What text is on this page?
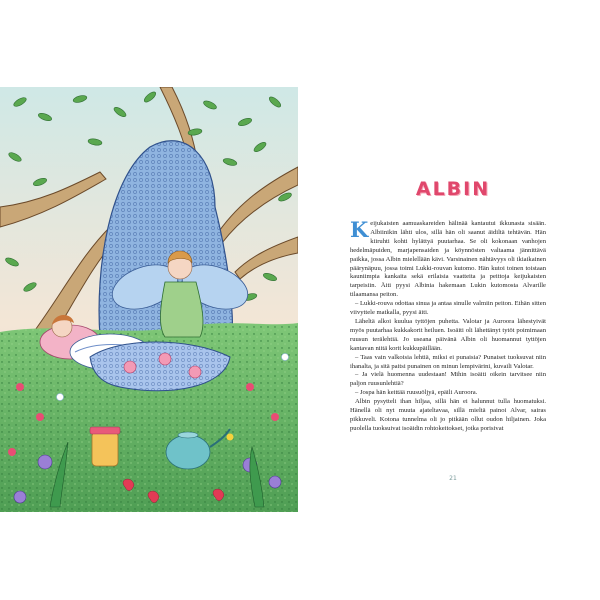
ALBIN

Keijukaisten aamuaskareiden hälinää kantautui ikkunasta sisään. Albiinikin lähti ulos, sillä hän oli saanut äidiltä tehtävän. Hän kiiruhti kohti hylättyä puutarhaa. Se oli kokonaan vanhojen hedelmäpuiden, marjapensaiden ja köynnösten valtaama jännittävä paikka, jossa Albin mielellään kävi. Varsinainen nähtävyys oli ikiaikainen päärynäpuu, jossa toimi Lukki-rouvan kutomo. Hän kutoi toinen toistaan kauniimpia kankaita sekä erilaisia vaatteita ja peittoja keijukaisten tarpeisiin. Äiti pyysi Albinia hakemaan Lukin kutomosta Alvarille tilaamansa peiton.

– Lukki-rouva odottaa sinua ja antaa sinulle valmiin peiton. Ethän sitten viivyttele matkalla, pyysi äiti.

Läheltä alkoi kuulua tyttöjen puhetta. Valotar ja Auroora lähestyivät myös puutarhaa kukkakorit heiluen. Isoäiti oli lähettänyt tytöt poimimaan ruusun terälehtiä. Jo useana päivänä Albin oli huomannut tyttöjen kantavan niitä korit kukkupäillään.

– Taas vain valkoisia lehtiä, miksi ei punaisia? Punaiset tuoksuvat niin ihanalta, ja sitä paitsi punainen on minun lempivärini, kuvaili Valotar.

– Ja vielä huomenna uudestaan! Mihin isoäiti oikein tarvitsee niin paljon ruusunlehtiä?

– Jospa hän keittää ruusuöljyä, epäili Auroora.

Albin pysytteli ihan hiljaa, sillä hän ei halunnut tulla huomatuksi. Hänellä oli nyt muuta ajateltavaa, sillä mieltä painoi Alvar, sairas pikkuveli. Kotona tunnelma oli jo pitkään ollut oudon hiljainen. Joka puolella tuoksuivat isoäidin rohtokeitokset, jotka porisivat

21
